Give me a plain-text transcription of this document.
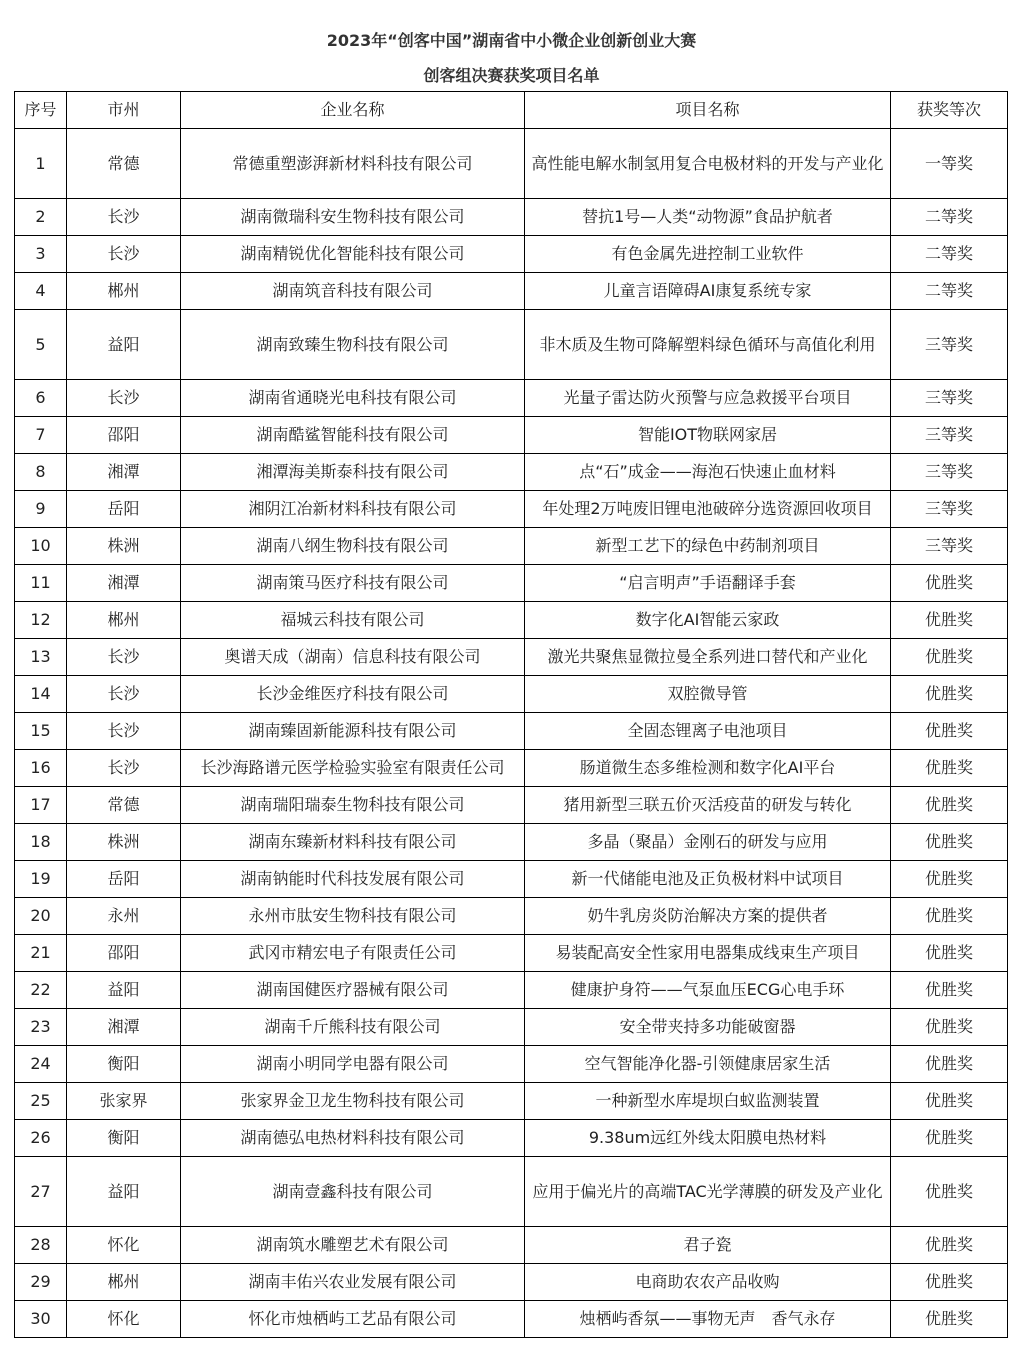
2023年“创客中国”湖南省中小微企业创新创业大赛
创客组决赛获奖项目名单
序号	市州	企业名称	项目名称	获奖等次
1	常德	常德重塑澎湃新材料科技有限公司	高性能电解水制氢用复合电极材料的开发与产业化	一等奖
2	长沙	湖南微瑞科安生物科技有限公司	替抗1号—人类“动物源”食品护航者	二等奖
3	长沙	湖南精锐优化智能科技有限公司	有色金属先进控制工业软件	二等奖
4	郴州	湖南筑音科技有限公司	儿童言语障碍AI康复系统专家	二等奖
5	益阳	湖南致臻生物科技有限公司	非木质及生物可降解塑料绿色循环与高值化利用	三等奖
6	长沙	湖南省通晓光电科技有限公司	光量子雷达防火预警与应急救援平台项目	三等奖
7	邵阳	湖南酷鲨智能科技有限公司	智能IOT物联网家居	三等奖
8	湘潭	湘潭海美斯泰科技有限公司	点“石”成金——海泡石快速止血材料	三等奖
9	岳阳	湘阴江冶新材料科技有限公司	年处理2万吨废旧锂电池破碎分选资源回收项目	三等奖
10	株洲	湖南八纲生物科技有限公司	新型工艺下的绿色中药制剂项目	三等奖
11	湘潭	湖南策马医疗科技有限公司	“启言明声”手语翻译手套	优胜奖
12	郴州	福城云科技有限公司	数字化AI智能云家政	优胜奖
13	长沙	奥谱天成（湖南）信息科技有限公司	激光共聚焦显微拉曼全系列进口替代和产业化	优胜奖
14	长沙	长沙金维医疗科技有限公司	双腔微导管	优胜奖
15	长沙	湖南臻固新能源科技有限公司	全固态锂离子电池项目	优胜奖
16	长沙	长沙海路谱元医学检验实验室有限责任公司	肠道微生态多维检测和数字化AI平台	优胜奖
17	常德	湖南瑞阳瑞泰生物科技有限公司	猪用新型三联五价灭活疫苗的研发与转化	优胜奖
18	株洲	湖南东臻新材料科技有限公司	多晶（聚晶）金刚石的研发与应用	优胜奖
19	岳阳	湖南钠能时代科技发展有限公司	新一代储能电池及正负极材料中试项目	优胜奖
20	永州	永州市肽安生物科技有限公司	奶牛乳房炎防治解决方案的提供者	优胜奖
21	邵阳	武冈市精宏电子有限责任公司	易装配高安全性家用电器集成线束生产项目	优胜奖
22	益阳	湖南国健医疗器械有限公司	健康护身符——气泵血压ECG心电手环	优胜奖
23	湘潭	湖南千斤熊科技有限公司	安全带夹持多功能破窗器	优胜奖
24	衡阳	湖南小明同学电器有限公司	空气智能净化器-引领健康居家生活	优胜奖
25	张家界	张家界金卫龙生物科技有限公司	一种新型水库堤坝白蚁监测装置	优胜奖
26	衡阳	湖南德弘电热材料科技有限公司	9.38um远红外线太阳膜电热材料	优胜奖
27	益阳	湖南壹鑫科技有限公司	应用于偏光片的高端TAC光学薄膜的研发及产业化	优胜奖
28	怀化	湖南筑水雕塑艺术有限公司	君子瓷	优胜奖
29	郴州	湖南丰佑兴农业发展有限公司	电商助农农产品收购	优胜奖
30	怀化	怀化市烛栖屿工艺品有限公司	烛栖屿香氛——事物无声　香气永存	优胜奖
